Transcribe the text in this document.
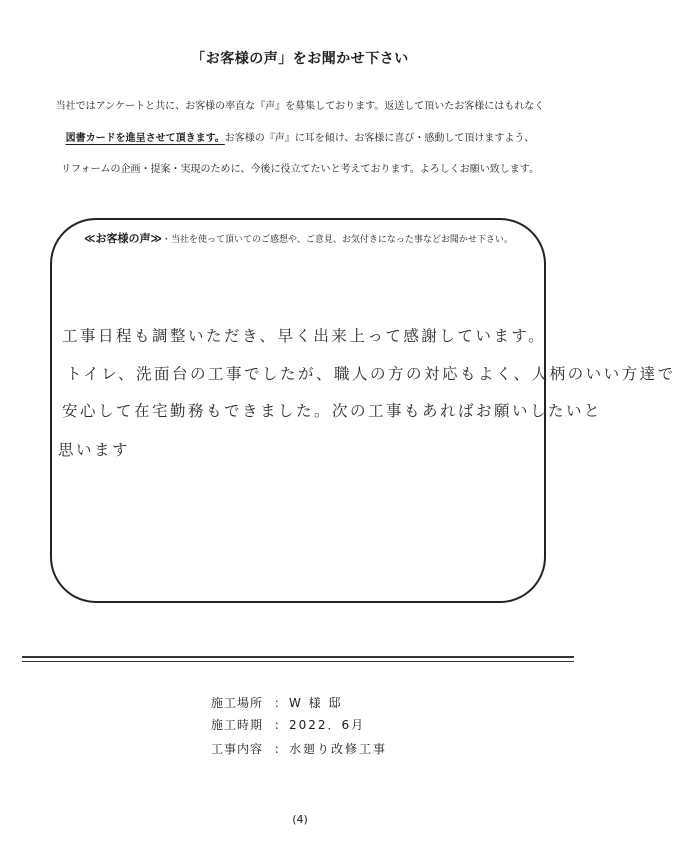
「お客様の声」をお聞かせ下さい
当社ではアンケートと共に、お客様の率直な『声』を募集しております。返送して頂いたお客様にはもれなく
図書カードを進呈させて頂きます。お客様の『声』に耳を傾け、お客様に喜び・感動して頂けますよう、
リフォームの企画・提案・実現のために、今後に役立てたいと考えております。よろしくお願い致します。
≪お客様の声≫・当社を使って頂いてのご感想や、ご意見、お気付きになった事などお聞かせ下さい。
工事日程も調整いただき、早く出来上って感謝しています。
トイレ、洗面台の工事でしたが、職人の方の対応もよく、人柄のいい方達で
安心して在宅勤務もできました。次の工事もあればお願いしたいと
思います
施工場所 ： W 様 邸
施工時期 ： 2022．6月
工事内容 ： 水廻り改修工事
(4)
